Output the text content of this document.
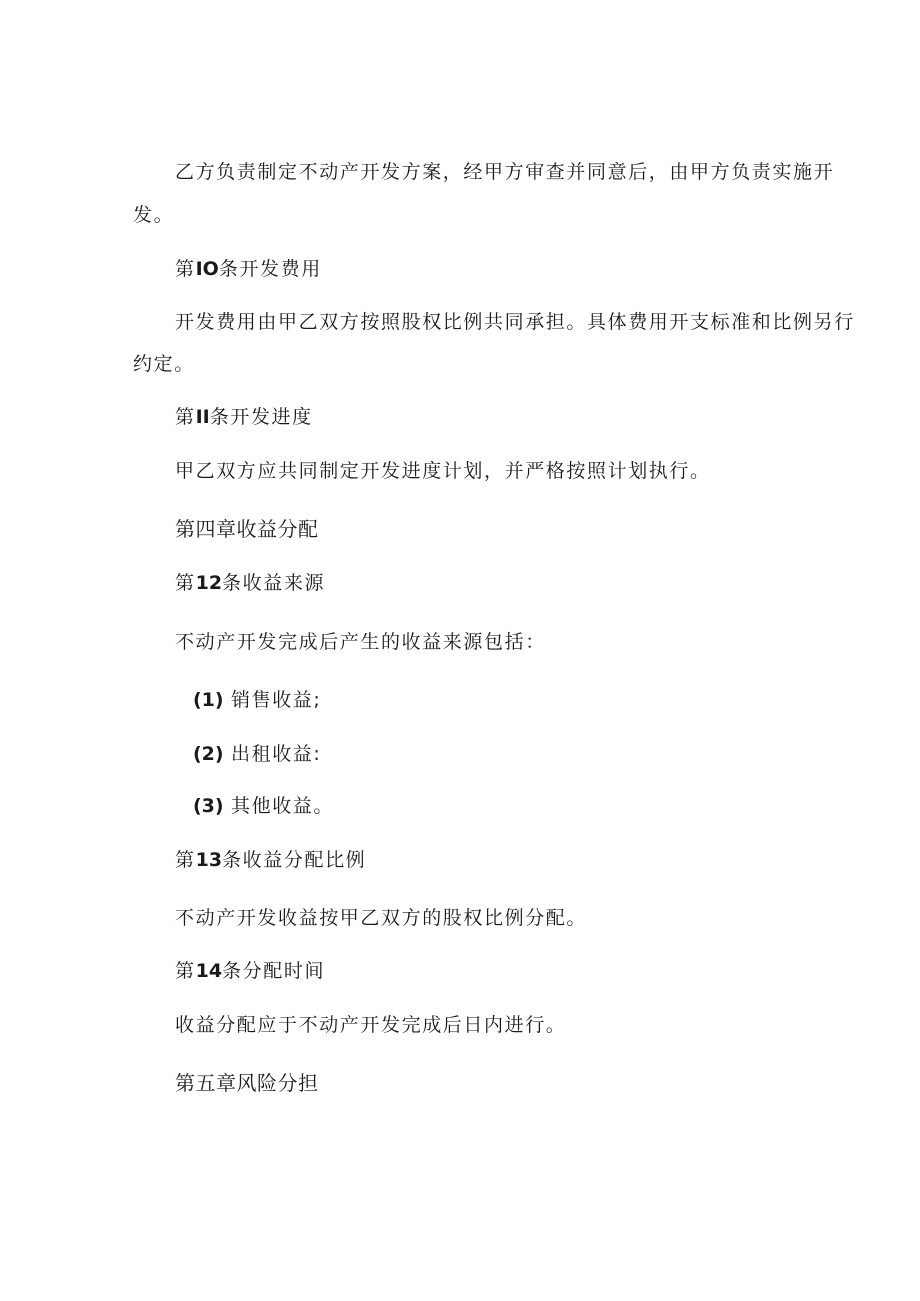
乙方负责制定不动产开发方案，经甲方审查并同意后，由甲方负责实施开
发。
第IO条开发费用
开发费用由甲乙双方按照股权比例共同承担。具体费用开支标准和比例另行
约定。
第II条开发进度
甲乙双方应共同制定开发进度计划，并严格按照计划执行。
第四章收益分配
第12条收益来源
不动产开发完成后产生的收益来源包括：
(1) 销售收益;
(2) 出租收益:
(3) 其他收益。
第13条收益分配比例
不动产开发收益按甲乙双方的股权比例分配。
第14条分配时间
收益分配应于不动产开发完成后日内进行。
第五章风险分担
